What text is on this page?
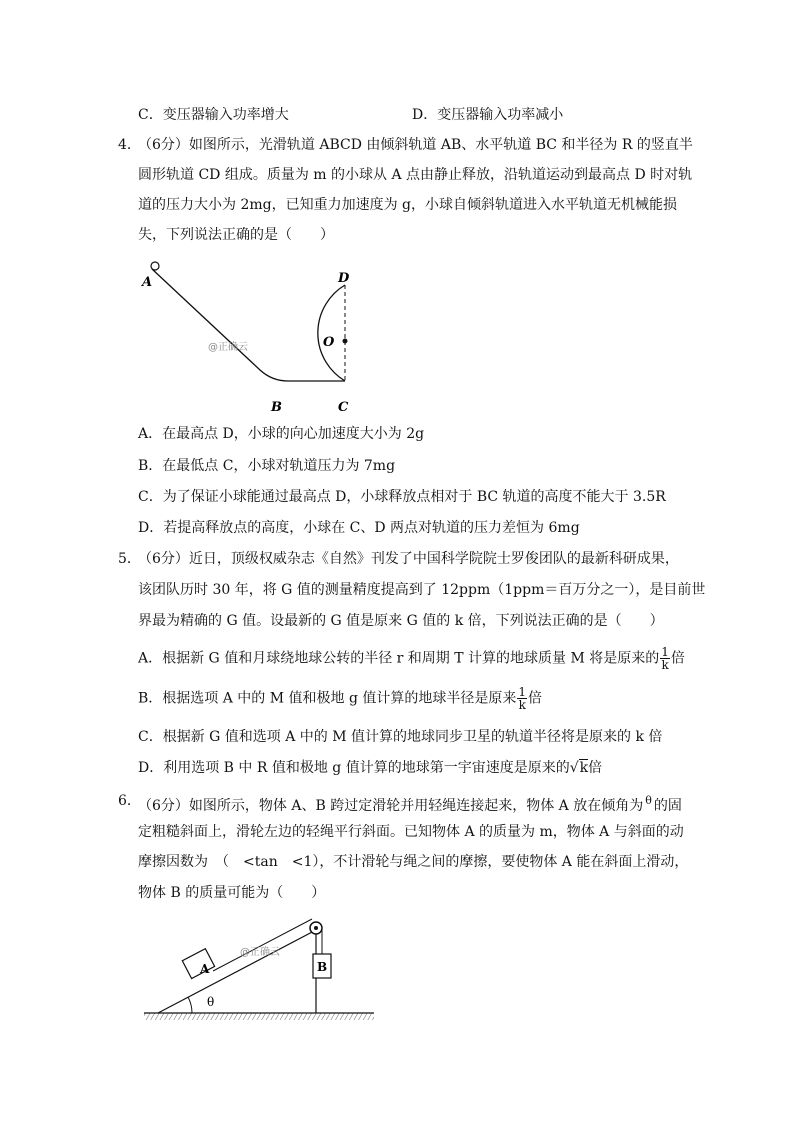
C．变压器输入功率增大	D．变压器输入功率减小
4．
（6分）如图所示，光滑轨道 ABCD 由倾斜轨道 AB、水平轨道 BC 和半径为 R 的竖直半
圆形轨道 CD 组成。质量为 m 的小球从 A 点由静止释放，沿轨道运动到最高点 D 时对轨
道的压力大小为 2mg，已知重力加速度为 g，小球自倾斜轨道进入水平轨道无机械能损
失，下列说法正确的是（　　）
A
B	C
D
O
@正确云
A．在最高点 D，小球的向心加速度大小为 2g
B．在最低点 C，小球对轨道压力为 7mg
C．为了保证小球能通过最高点 D，小球释放点相对于 BC 轨道的高度不能大于 3.5R
D．若提高释放点的高度，小球在 C、D 两点对轨道的压力差恒为 6mg
5．
（6分）近日，顶级权威杂志《自然》刊发了中国科学院院士罗俊团队的最新科研成果，
该团队历时 30 年，将 G 值的测量精度提高到了 12ppm（1ppm＝百万分之一），是目前世
界最为精确的 G 值。设最新的 G 值是原来 G 值的 k 倍，下列说法正确的是（　　）
A．根据新 G 值和月球绕地球公转的半径 r 和周期 T 计算的地球质量 M 将是原来的 $\frac{1}{k}$ 倍
B．根据选项 A 中的 M 值和极地 g 值计算的地球半径是原来 $\frac{1}{k}$ 倍
C．根据新 G 值和选项 A 中的 M 值计算的地球同步卫星的轨道半径将是原来的 k 倍
D．利用选项 B 中 R 值和极地 g 值计算的地球第一宇宙速度是原来的√k倍
6．
（6分）如图所示，物体 A、B 跨过定滑轮并用轻绳连接起来，物体 A 放在倾角为 $^\theta$ 的固
定粗糙斜面上，滑轮左边的轻绳平行斜面。已知物体 A 的质量为 m，物体 A 与斜面的动
摩擦因数为　（　<tan　<1），不计滑轮与绳之间的摩擦，要使物体 A 能在斜面上滑动，
物体 B 的质量可能为（　　）
A	B
θ
@正确云
